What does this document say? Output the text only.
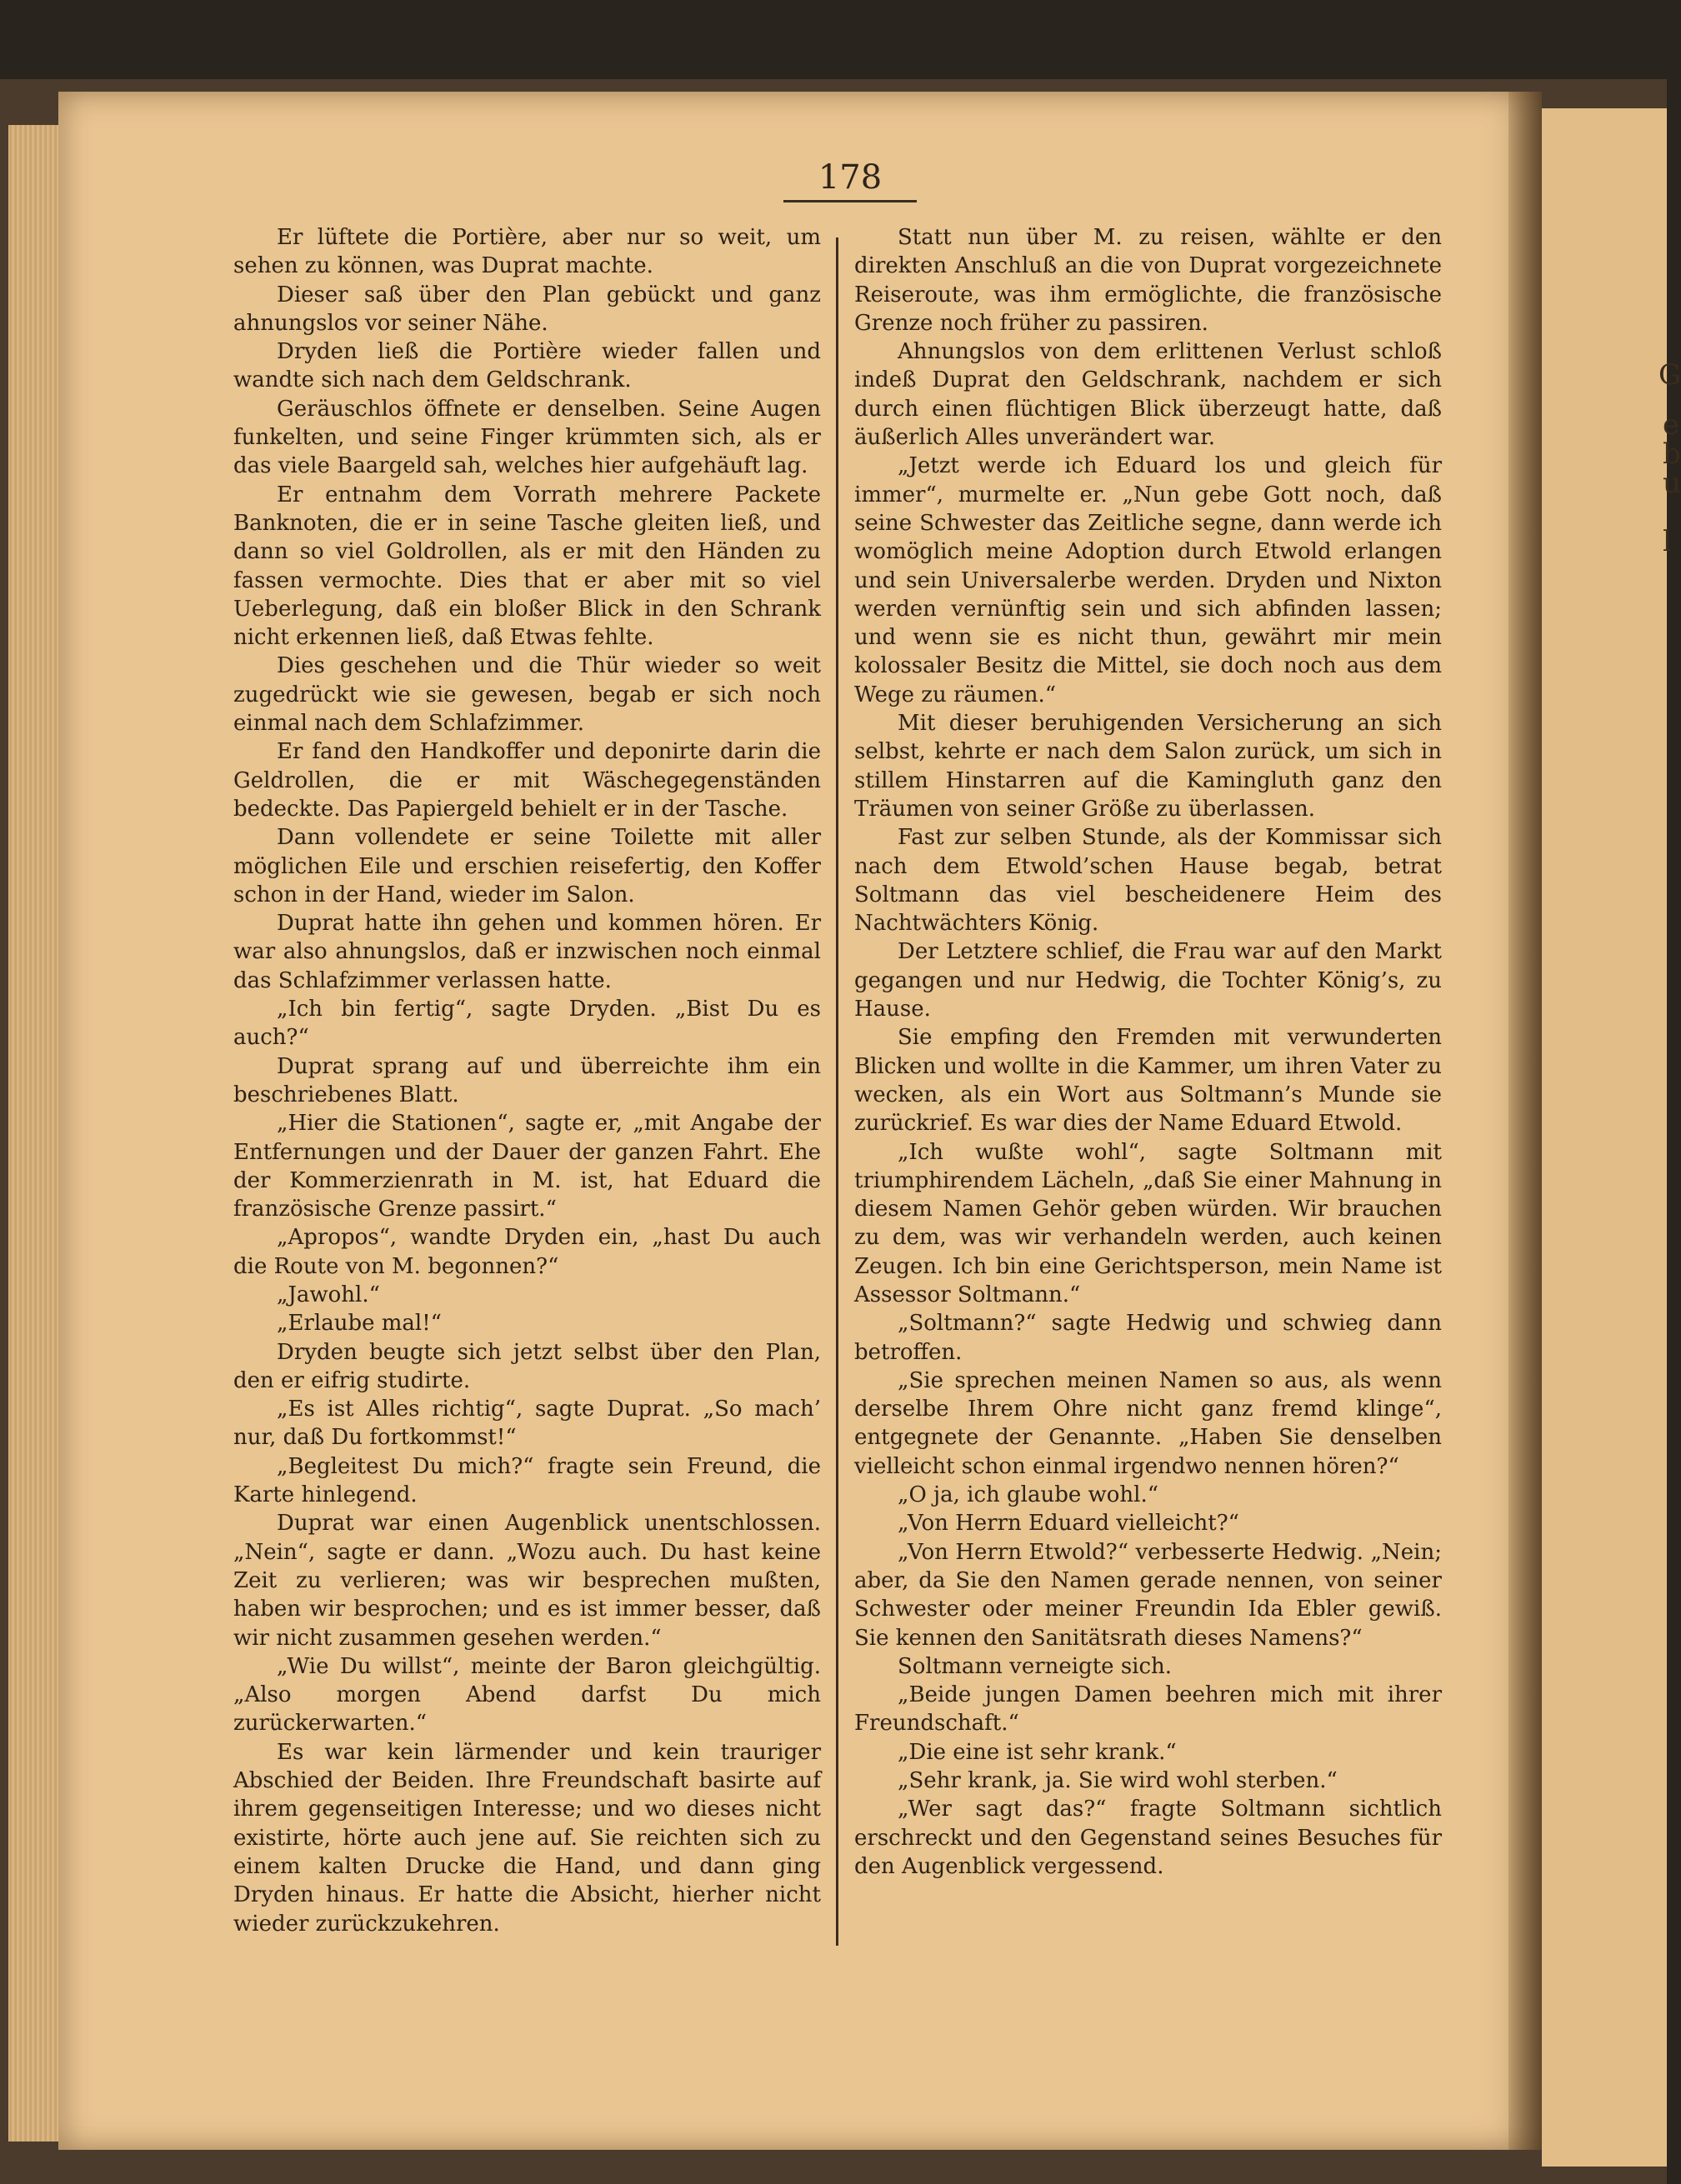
178

Er lüftete die Portière, aber nur so weit, um sehen zu können, was Duprat machte.

Dieser saß über den Plan gebückt und ganz ahnungslos vor seiner Nähe.

Dryden ließ die Portière wieder fallen und wandte sich nach dem Geldschrank.

Geräuschlos öffnete er denselben. Seine Augen funkelten, und seine Finger krümmten sich, als er das viele Baargeld sah, welches hier aufgehäuft lag.

Er entnahm dem Vorrath mehrere Packete Banknoten, die er in seine Tasche gleiten ließ, und dann so viel Goldrollen, als er mit den Händen zu fassen vermochte. Dies that er aber mit so viel Ueberlegung, daß ein bloßer Blick in den Schrank nicht erkennen ließ, daß Etwas fehlte.

Dies geschehen und die Thür wieder so weit zugedrückt wie sie gewesen, begab er sich noch einmal nach dem Schlafzimmer.

Er fand den Handkoffer und deponirte darin die Geldrollen, die er mit Wäschegegenständen bedeckte. Das Papiergeld behielt er in der Tasche.

Dann vollendete er seine Toilette mit aller möglichen Eile und erschien reisefertig, den Koffer schon in der Hand, wieder im Salon.

Duprat hatte ihn gehen und kommen hören. Er war also ahnungslos, daß er inzwischen noch einmal das Schlafzimmer verlassen hatte.

„Ich bin fertig“, sagte Dryden. „Bist Du es auch?“

Duprat sprang auf und überreichte ihm ein beschriebenes Blatt.

„Hier die Stationen“, sagte er, „mit Angabe der Entfernungen und der Dauer der ganzen Fahrt. Ehe der Kommerzienrath in M. ist, hat Eduard die französische Grenze passirt.“

„Apropos“, wandte Dryden ein, „hast Du auch die Route von M. begonnen?“

„Jawohl.“

„Erlaube mal!“

Dryden beugte sich jetzt selbst über den Plan, den er eifrig studirte.

„Es ist Alles richtig“, sagte Duprat. „So mach’ nur, daß Du fortkommst!“

„Begleitest Du mich?“ fragte sein Freund, die Karte hinlegend.

Duprat war einen Augenblick unentschlossen. „Nein“, sagte er dann. „Wozu auch. Du hast keine Zeit zu verlieren; was wir besprechen mußten, haben wir besprochen; und es ist immer besser, daß wir nicht zusammen gesehen werden.“

„Wie Du willst“, meinte der Baron gleichgültig. „Also morgen Abend darfst Du mich zurückerwarten.“

Es war kein lärmender und kein trauriger Abschied der Beiden. Ihre Freundschaft basirte auf ihrem gegenseitigen Interesse; und wo dieses nicht existirte, hörte auch jene auf. Sie reichten sich zu einem kalten Drucke die Hand, und dann ging Dryden hinaus. Er hatte die Absicht, hierher nicht wieder zurückzukehren.

Statt nun über M. zu reisen, wählte er den direkten Anschluß an die von Duprat vorgezeichnete Reiseroute, was ihm ermöglichte, die französische Grenze noch früher zu passiren.

Ahnungslos von dem erlittenen Verlust schloß indeß Duprat den Geldschrank, nachdem er sich durch einen flüchtigen Blick überzeugt hatte, daß äußerlich Alles unverändert war.

„Jetzt werde ich Eduard los und gleich für immer“, murmelte er. „Nun gebe Gott noch, daß seine Schwester das Zeitliche segne, dann werde ich womöglich meine Adoption durch Etwold erlangen und sein Universalerbe werden. Dryden und Nixton werden vernünftig sein und sich abfinden lassen; und wenn sie es nicht thun, gewährt mir mein kolossaler Besitz die Mittel, sie doch noch aus dem Wege zu räumen.“

Mit dieser beruhigenden Versicherung an sich selbst, kehrte er nach dem Salon zurück, um sich in stillem Hinstarren auf die Kamingluth ganz den Träumen von seiner Größe zu überlassen.

Fast zur selben Stunde, als der Kommissar sich nach dem Etwold’schen Hause begab, betrat Soltmann das viel bescheidenere Heim des Nachtwächters König.

Der Letztere schlief, die Frau war auf den Markt gegangen und nur Hedwig, die Tochter König’s, zu Hause.

Sie empfing den Fremden mit verwunderten Blicken und wollte in die Kammer, um ihren Vater zu wecken, als ein Wort aus Soltmann’s Munde sie zurückrief. Es war dies der Name Eduard Etwold.

„Ich wußte wohl“, sagte Soltmann mit triumphirendem Lächeln, „daß Sie einer Mahnung in diesem Namen Gehör geben würden. Wir brauchen zu dem, was wir verhandeln werden, auch keinen Zeugen. Ich bin eine Gerichtsperson, mein Name ist Assessor Soltmann.“

„Soltmann?“ sagte Hedwig und schwieg dann betroffen.

„Sie sprechen meinen Namen so aus, als wenn derselbe Ihrem Ohre nicht ganz fremd klinge“, entgegnete der Genannte. „Haben Sie denselben vielleicht schon einmal irgendwo nennen hören?“

„O ja, ich glaube wohl.“

„Von Herrn Eduard vielleicht?“

„Von Herrn Etwold?“ verbesserte Hedwig. „Nein; aber, da Sie den Namen gerade nennen, von seiner Schwester oder meiner Freundin Ida Ebler gewiß. Sie kennen den Sanitätsrath dieses Namens?“

Soltmann verneigte sich.

„Beide jungen Damen beehren mich mit ihrer Freundschaft.“

„Die eine ist sehr krank.“

„Sehr krank, ja. Sie wird wohl sterben.“

„Wer sagt das?“ fragte Soltmann sichtlich erschreckt und den Gegenstand seines Besuches für den Augenblick vergessend.

G
e
b
u
l
